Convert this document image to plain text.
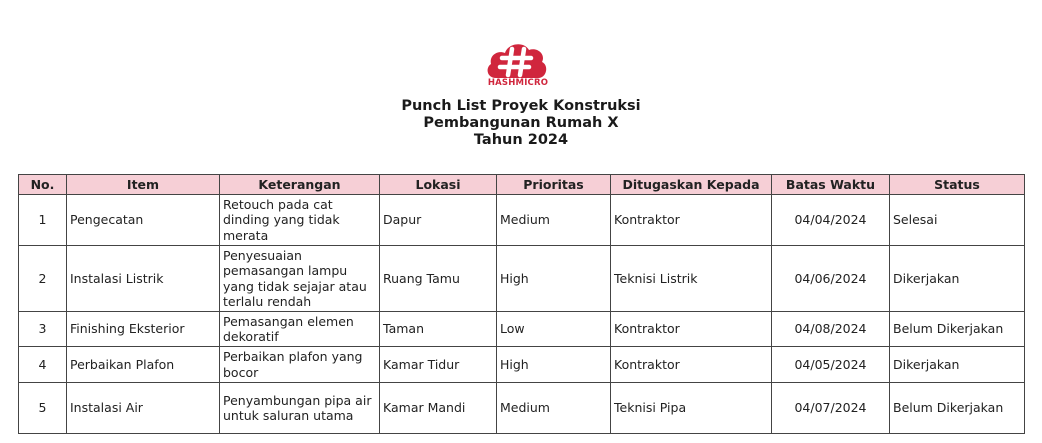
HASHMICRO
Punch List Proyek Konstruksi
Pembangunan Rumah X
Tahun 2024
No.	Item	Keterangan	Lokasi	Prioritas	Ditugaskan Kepada	Batas Waktu	Status
1	Pengecatan	Retouch pada cat dinding yang tidak merata	Dapur	Medium	Kontraktor	04/04/2024	Selesai
2	Instalasi Listrik	Penyesuaian pemasangan lampu yang tidak sejajar atau terlalu rendah	Ruang Tamu	High	Teknisi Listrik	04/06/2024	Dikerjakan
3	Finishing Eksterior	Pemasangan elemen dekoratif	Taman	Low	Kontraktor	04/08/2024	Belum Dikerjakan
4	Perbaikan Plafon	Perbaikan plafon yang bocor	Kamar Tidur	High	Kontraktor	04/05/2024	Dikerjakan
5	Instalasi Air	Penyambungan pipa air untuk saluran utama	Kamar Mandi	Medium	Teknisi Pipa	04/07/2024	Belum Dikerjakan
